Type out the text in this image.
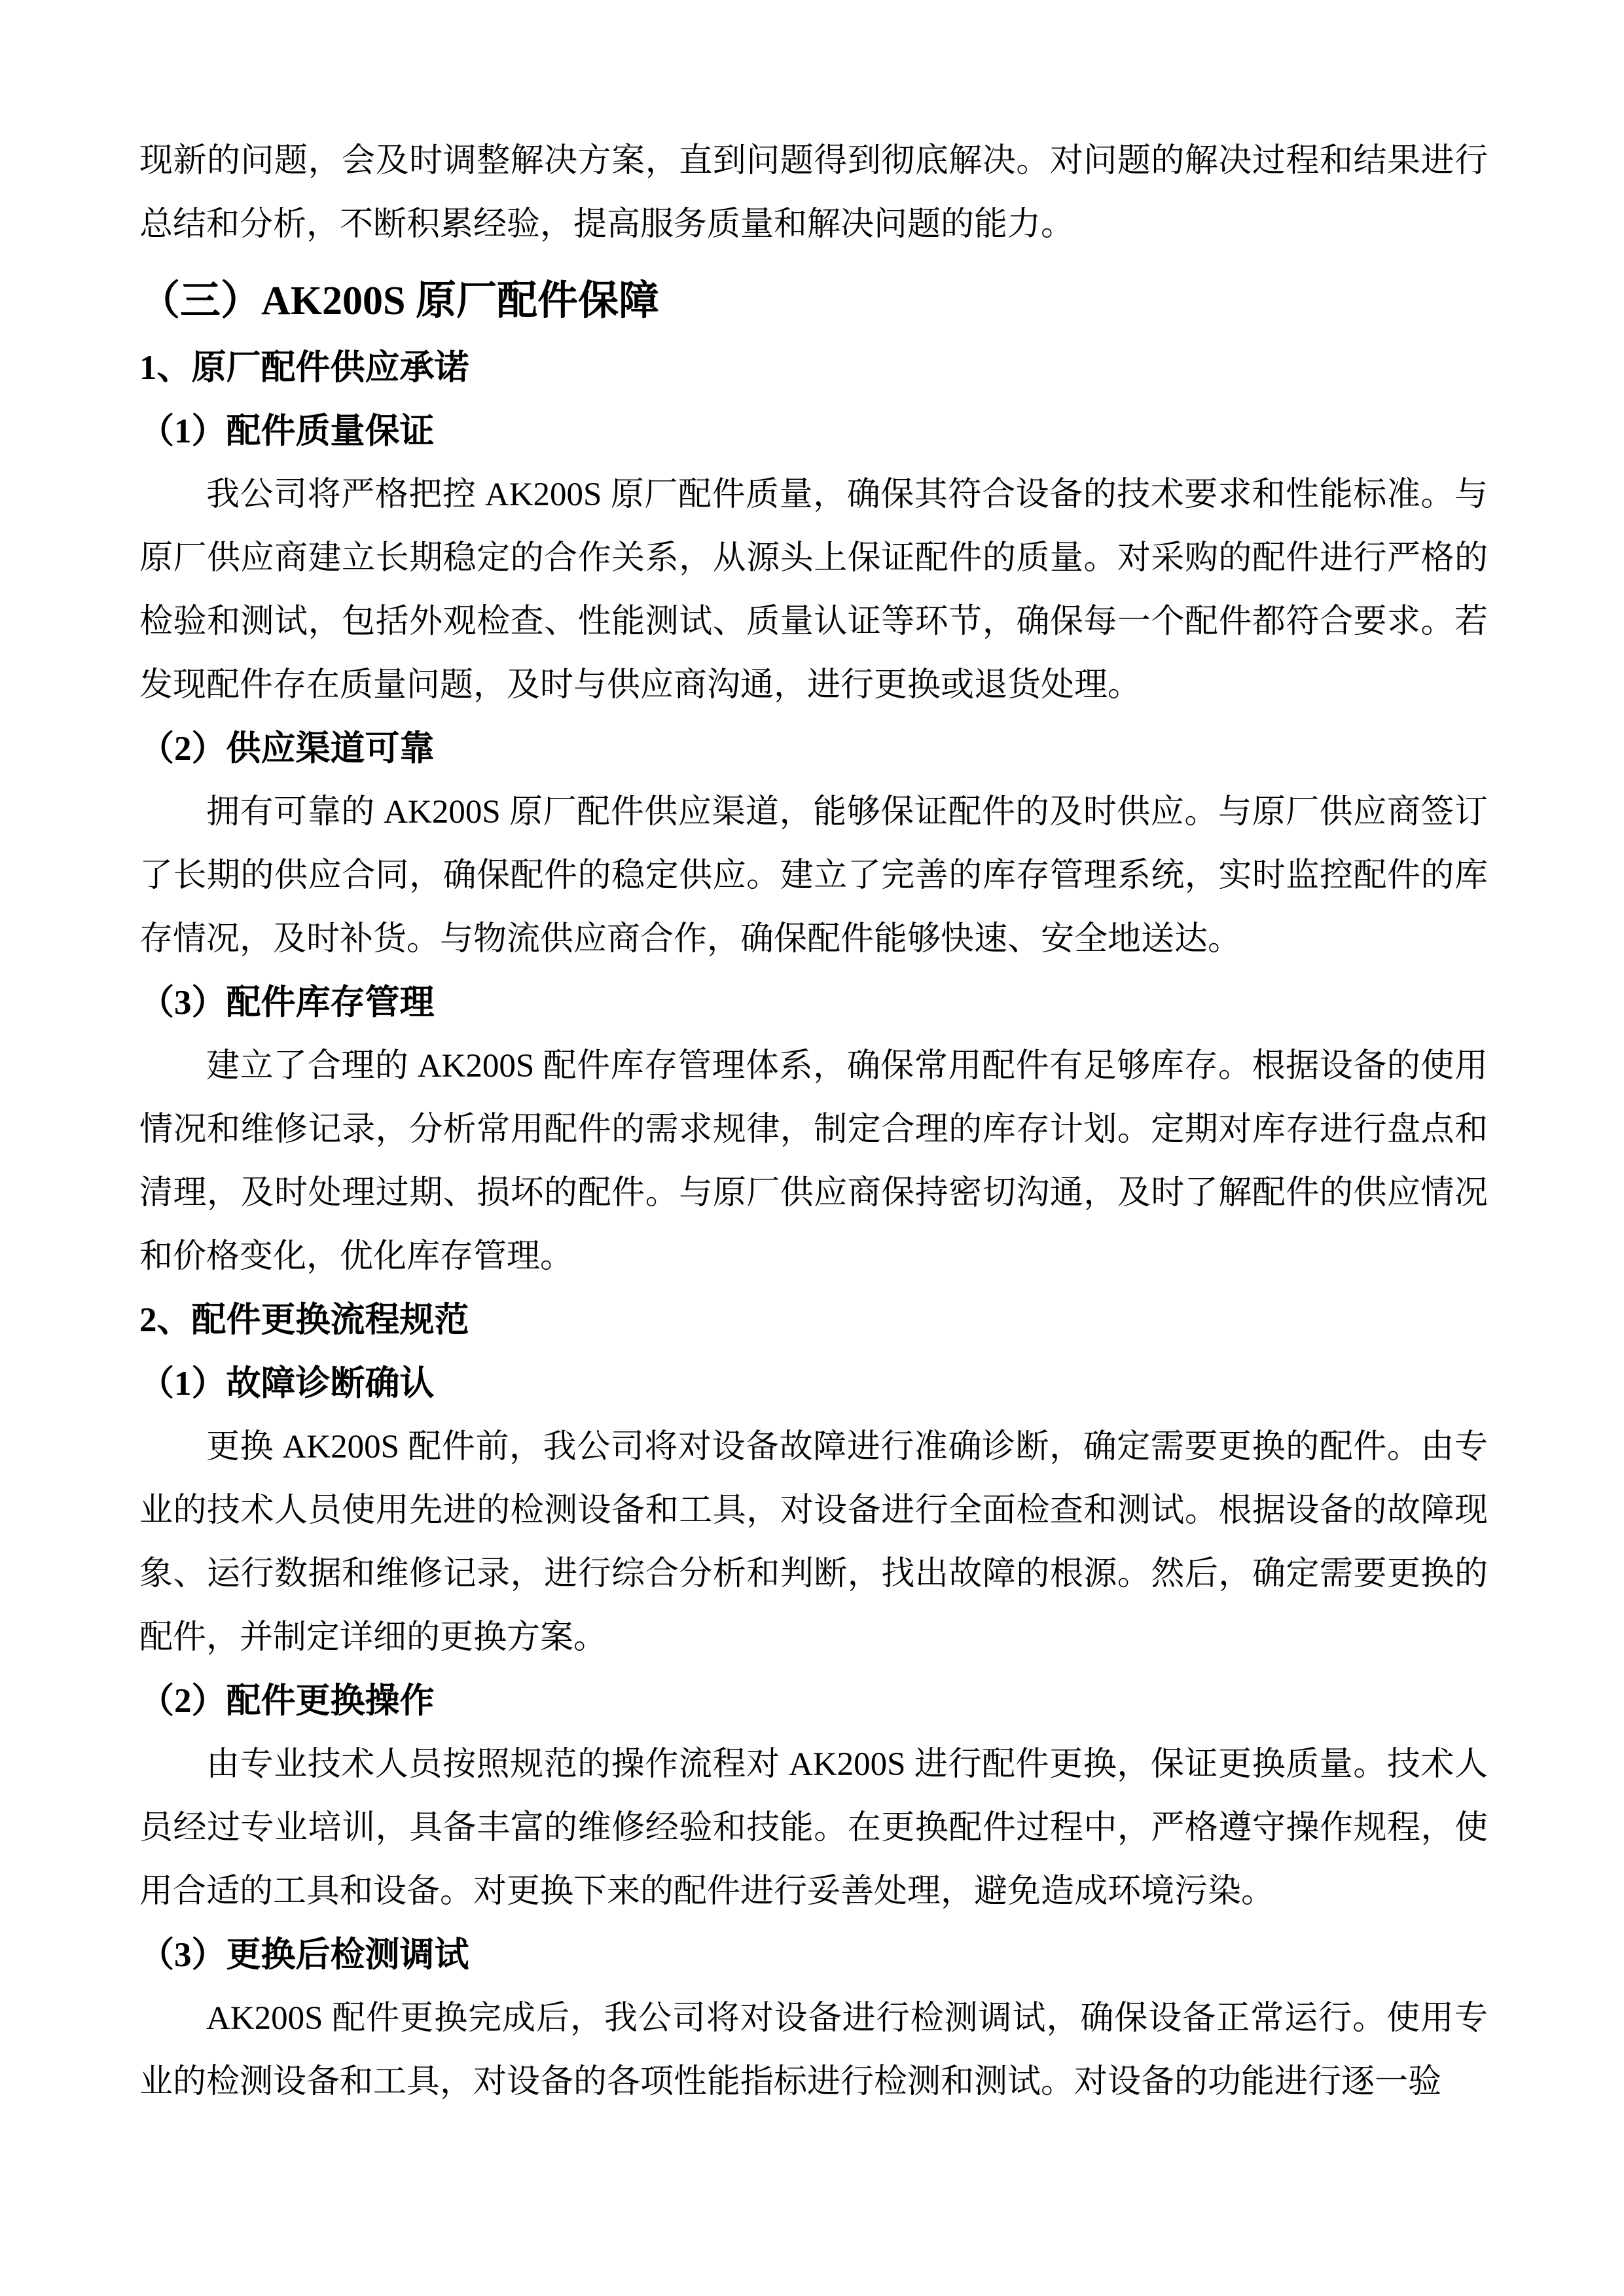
现新的问题，会及时调整解决方案，直到问题得到彻底解决。对问题的解决过程和结果进行总结和分析，不断积累经验，提高服务质量和解决问题的能力。

（三）AK200S 原厂配件保障
1、原厂配件供应承诺
（1）配件质量保证

我公司将严格把控 AK200S 原厂配件质量，确保其符合设备的技术要求和性能标准。与原厂供应商建立长期稳定的合作关系，从源头上保证配件的质量。对采购的配件进行严格的检验和测试，包括外观检查、性能测试、质量认证等环节，确保每一个配件都符合要求。若发现配件存在质量问题，及时与供应商沟通，进行更换或退货处理。

（2）供应渠道可靠

拥有可靠的 AK200S 原厂配件供应渠道，能够保证配件的及时供应。与原厂供应商签订了长期的供应合同，确保配件的稳定供应。建立了完善的库存管理系统，实时监控配件的库存情况，及时补货。与物流供应商合作，确保配件能够快速、安全地送达。

（3）配件库存管理

建立了合理的 AK200S 配件库存管理体系，确保常用配件有足够库存。根据设备的使用情况和维修记录，分析常用配件的需求规律，制定合理的库存计划。定期对库存进行盘点和清理，及时处理过期、损坏的配件。与原厂供应商保持密切沟通，及时了解配件的供应情况和价格变化，优化库存管理。

2、配件更换流程规范
（1）故障诊断确认

更换 AK200S 配件前，我公司将对设备故障进行准确诊断，确定需要更换的配件。由专业的技术人员使用先进的检测设备和工具，对设备进行全面检查和测试。根据设备的故障现象、运行数据和维修记录，进行综合分析和判断，找出故障的根源。然后，确定需要更换的配件，并制定详细的更换方案。

（2）配件更换操作

由专业技术人员按照规范的操作流程对 AK200S 进行配件更换，保证更换质量。技术人员经过专业培训，具备丰富的维修经验和技能。在更换配件过程中，严格遵守操作规程，使用合适的工具和设备。对更换下来的配件进行妥善处理，避免造成环境污染。

（3）更换后检测调试

AK200S 配件更换完成后，我公司将对设备进行检测调试，确保设备正常运行。使用专业的检测设备和工具，对设备的各项性能指标进行检测和测试。对设备的功能进行逐一验
